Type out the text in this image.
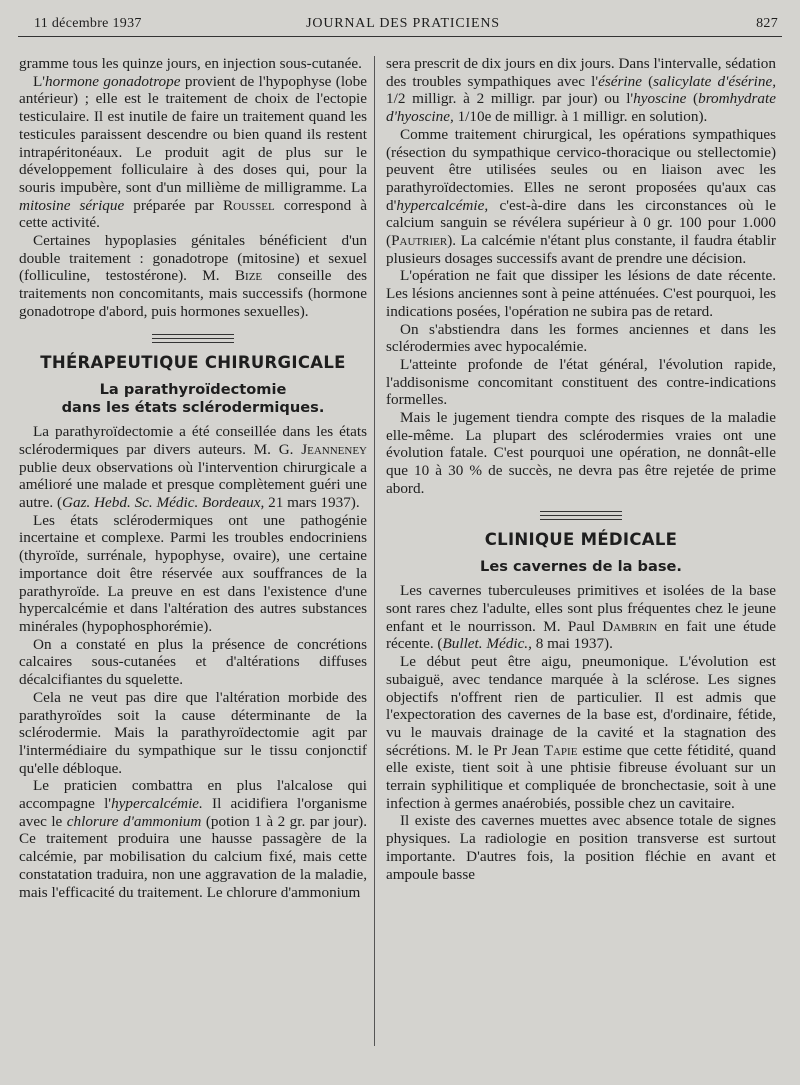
11 décembre 1937	JOURNAL DES PRATICIENS	827

gramme tous les quinze jours, en injection sous-cutanée.

L'hormone gonadotrope provient de l'hypophyse (lobe antérieur) ; elle est le traitement de choix de l'ectopie testiculaire. Il est inutile de faire un traitement quand les testicules paraissent descendre ou bien quand ils restent intrapéritonéaux. Le produit agit de plus sur le développement folliculaire à des doses qui, pour la souris impubère, sont d'un millième de milligramme. La mitosine sérique préparée par Roussel correspond à cette activité.

Certaines hypoplasies génitales bénéficient d'un double traitement : gonadotrope (mitosine) et sexuel (folliculine, testostérone). M. Bize conseille des traitements non concomitants, mais successifs (hormone gonadotrope d'abord, puis hormones sexuelles).

THÉRAPEUTIQUE CHIRURGICALE
La parathyroïdectomie
dans les états sclérodermiques.

La parathyroïdectomie a été conseillée dans les états sclérodermiques par divers auteurs. M. G. Jeanneney publie deux observations où l'intervention chirurgicale a amélioré une malade et presque complètement guéri une autre. (Gaz. Hebd. Sc. Médic. Bordeaux, 21 mars 1937).

Les états sclérodermiques ont une pathogénie incertaine et complexe. Parmi les troubles endocriniens (thyroïde, surrénale, hypophyse, ovaire), une certaine importance doit être réservée aux souffrances de la parathyroïde. La preuve en est dans l'existence d'une hypercalcémie et dans l'altération des autres substances minérales (hypophosphorémie).

On a constaté en plus la présence de concrétions calcaires sous-cutanées et d'altérations diffuses décalcifiantes du squelette.

Cela ne veut pas dire que l'altération morbide des parathyroïdes soit la cause déterminante de la sclérodermie. Mais la parathyroïdectomie agit par l'intermédiaire du sympathique sur le tissu conjonctif qu'elle débloque.

Le praticien combattra en plus l'alcalose qui accompagne l'hypercalcémie. Il acidifiera l'organisme avec le chlorure d'ammonium (potion 1 à 2 gr. par jour). Ce traitement produira une hausse passagère de la calcémie, par mobilisation du calcium fixé, mais cette constatation traduira, non une aggravation de la maladie, mais l'efficacité du traitement. Le chlorure d'ammonium

sera prescrit de dix jours en dix jours. Dans l'intervalle, sédation des troubles sympathiques avec l'ésérine (salicylate d'ésérine, 1/2 milligr. à 2 milligr. par jour) ou l'hyoscine (bromhydrate d'hyoscine, 1/10e de milligr. à 1 milligr. en solution).

Comme traitement chirurgical, les opérations sympathiques (résection du sympathique cervico-thoracique ou stellectomie) peuvent être utilisées seules ou en liaison avec les parathyroïdectomies. Elles ne seront proposées qu'aux cas d'hypercalcémie, c'est-à-dire dans les circonstances où le calcium sanguin se révélera supérieur à 0 gr. 100 pour 1.000 (Pautrier). La calcémie n'étant plus constante, il faudra établir plusieurs dosages successifs avant de prendre une décision.

L'opération ne fait que dissiper les lésions de date récente. Les lésions anciennes sont à peine atténuées. C'est pourquoi, les indications posées, l'opération ne subira pas de retard.

On s'abstiendra dans les formes anciennes et dans les sclérodermies avec hypocalémie.

L'atteinte profonde de l'état général, l'évolution rapide, l'addisonisme concomitant constituent des contre-indications formelles.

Mais le jugement tiendra compte des risques de la maladie elle-même. La plupart des sclérodermies vraies ont une évolution fatale. C'est pourquoi une opération, ne donnât-elle que 10 à 30 % de succès, ne devra pas être rejetée de prime abord.

CLINIQUE MÉDICALE
Les cavernes de la base.

Les cavernes tuberculeuses primitives et isolées de la base sont rares chez l'adulte, elles sont plus fréquentes chez le jeune enfant et le nourrisson. M. Paul Dambrin en fait une étude récente. (Bullet. Médic., 8 mai 1937).

Le début peut être aigu, pneumonique. L'évolution est subaiguë, avec tendance marquée à la sclérose. Les signes objectifs n'offrent rien de particulier. Il est admis que l'expectoration des cavernes de la base est, d'ordinaire, fétide, vu le mauvais drainage de la cavité et la stagnation des sécrétions. M. le Pr Jean Tapie estime que cette fétidité, quand elle existe, tient soit à une phtisie fibreuse évoluant sur un terrain syphilitique et compliquée de bronchectasie, soit à une infection à germes anaérobiés, possible chez un cavitaire.

Il existe des cavernes muettes avec absence totale de signes physiques. La radiologie en position transverse est surtout importante. D'autres fois, la position fléchie en avant et ampoule basse
